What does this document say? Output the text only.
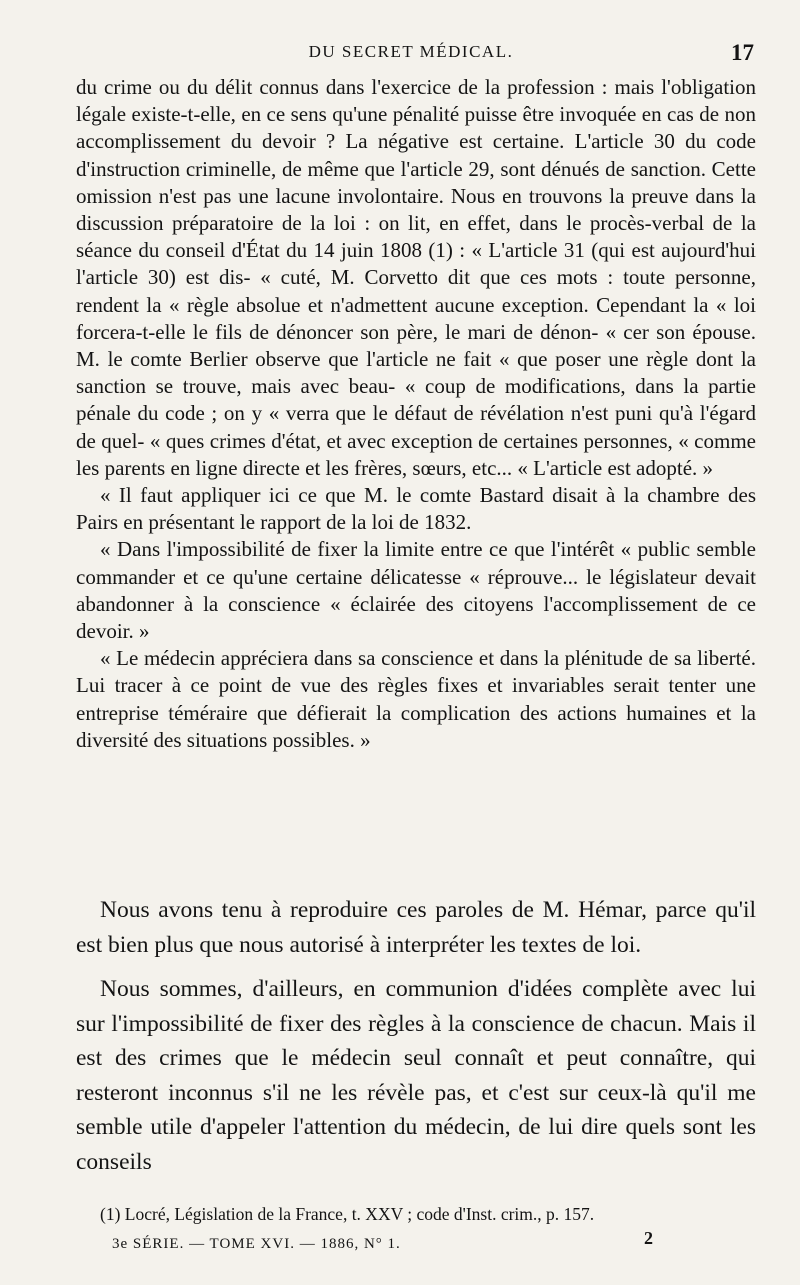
DU SECRET MÉDICAL.	17

du crime ou du délit connus dans l'exercice de la profession : mais l'obligation légale existe-t-elle, en ce sens qu'une pénalité puisse être invoquée en cas de non accomplissement du devoir ? La négative est certaine. L'article 30 du code d'instruction criminelle, de même que l'article 29, sont dénués de sanction. Cette omission n'est pas une lacune involontaire. Nous en trouvons la preuve dans la discussion préparatoire de la loi : on lit, en effet, dans le procès-verbal de la séance du conseil d'État du 14 juin 1808 (1) : « L'article 31 (qui est aujourd'hui l'article 30) est dis- « cuté, M. Corvetto dit que ces mots : toute personne, rendent la « règle absolue et n'admettent aucune exception. Cependant la « loi forcera-t-elle le fils de dénoncer son père, le mari de dénon- « cer son épouse. M. le comte Berlier observe que l'article ne fait « que poser une règle dont la sanction se trouve, mais avec beau- « coup de modifications, dans la partie pénale du code ; on y « verra que le défaut de révélation n'est puni qu'à l'égard de quel- « ques crimes d'état, et avec exception de certaines personnes, « comme les parents en ligne directe et les frères, sœurs, etc... « L'article est adopté. »

« Il faut appliquer ici ce que M. le comte Bastard disait à la chambre des Pairs en présentant le rapport de la loi de 1832.

« Dans l'impossibilité de fixer la limite entre ce que l'intérêt « public semble commander et ce qu'une certaine délicatesse « réprouve... le législateur devait abandonner à la conscience « éclairée des citoyens l'accomplissement de ce devoir. »

« Le médecin appréciera dans sa conscience et dans la plénitude de sa liberté. Lui tracer à ce point de vue des règles fixes et invariables serait tenter une entreprise téméraire que défierait la complication des actions humaines et la diversité des situations possibles. »

Nous avons tenu à reproduire ces paroles de M. Hémar, parce qu'il est bien plus que nous autorisé à interpréter les textes de loi.

Nous sommes, d'ailleurs, en communion d'idées complète avec lui sur l'impossibilité de fixer des règles à la conscience de chacun. Mais il est des crimes que le médecin seul connaît et peut connaître, qui resteront inconnus s'il ne les révèle pas, et c'est sur ceux-là qu'il me semble utile d'appeler l'attention du médecin, de lui dire quels sont les conseils

(1) Locré, Législation de la France, t. XXV ; code d'Inst. crim., p. 157.
3e SÉRIE. — TOME XVI. — 1886, N° 1.	2
